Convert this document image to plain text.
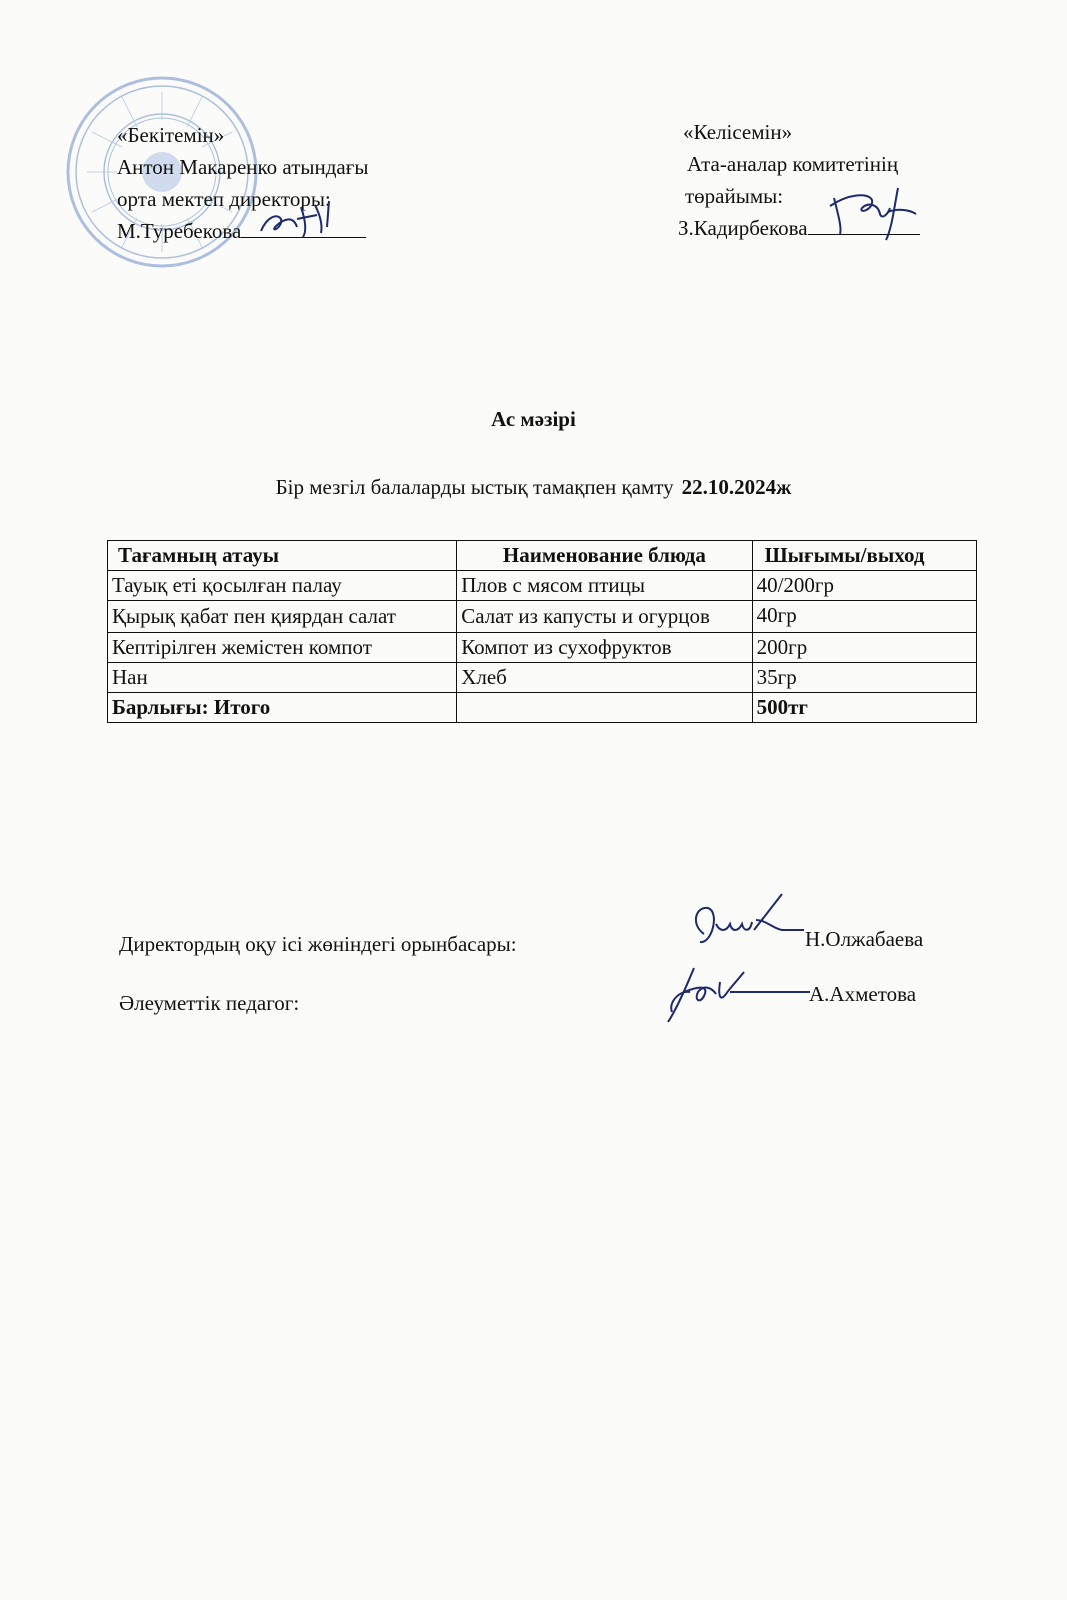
«Бекітемін»
Антон Макаренко атындағы
орта мектеп директоры:
М.Туребекова
«Келісемін»
Ата-аналар комитетінің
төрайымы:
З.Кадирбекова
Ас мәзірі
Бір мезгіл балаларды ыстық тамақпен қамту 22.10.2024ж
Тағамның атауы	Наименование блюда	Шығымы/выход
Тауық еті қосылған палау	Плов с мясом птицы	40/200гр
Қырық қабат пен қиярдан салат	Салат из капусты и огурцов	40гр
Кептірілген жемістен компот	Компот из сухофруктов	200гр
Нан	Хлеб	35гр
Барлығы: Итого		500тг
Директордың оқу ісі жөніндегі орынбасары:
Әлеуметтік педагог:
Н.Олжабаева
А.Ахметова
